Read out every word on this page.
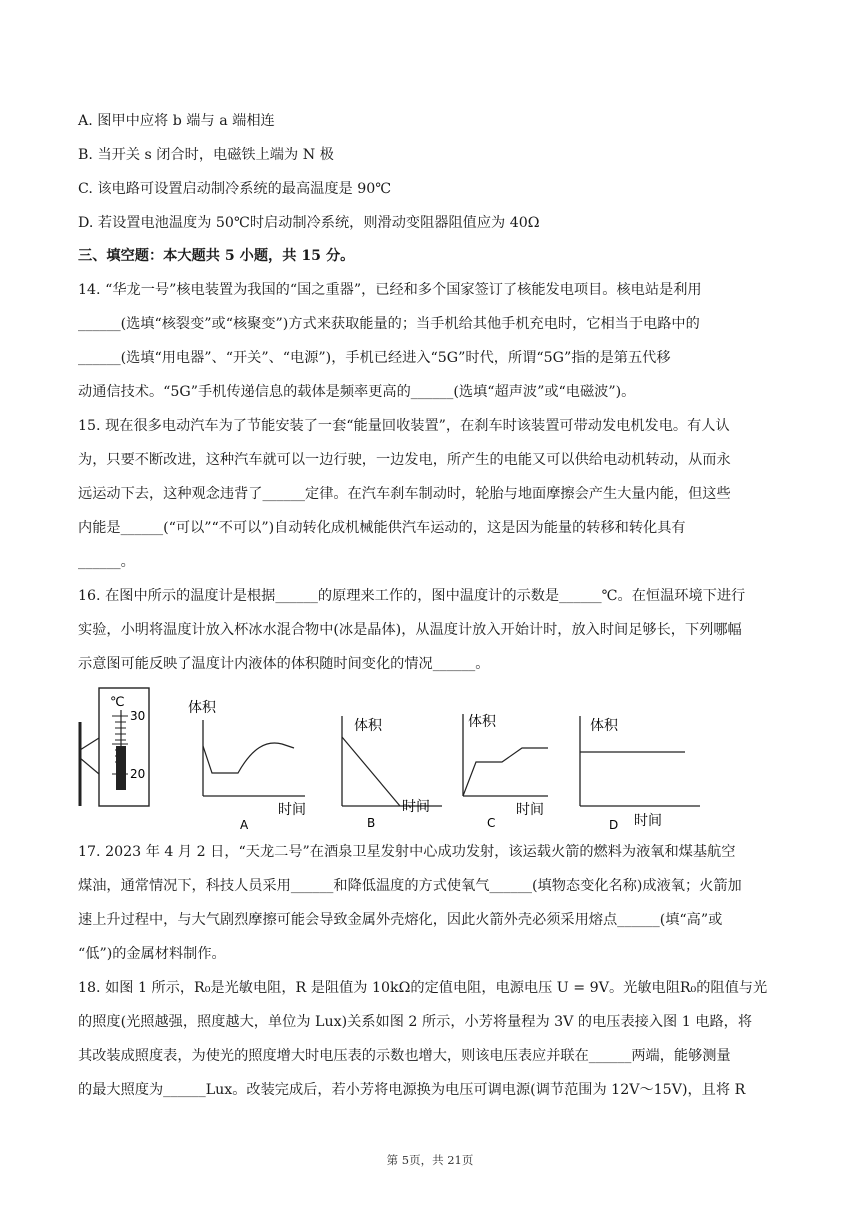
A. 图甲中应将 b 端与 a 端相连
B. 当开关 s 闭合时，电磁铁上端为 N 极
C. 该电路可设置启动制冷系统的最高温度是 90℃
D. 若设置电池温度为 50℃时启动制冷系统，则滑动变阻器阻值应为 40Ω
三、填空题：本大题共 5 小题，共 15 分。
14. “华龙一号”核电装置为我国的“国之重器”，已经和多个国家签订了核能发电项目。核电站是利用
______(选填“核裂变”或“核聚变”)方式来获取能量的；当手机给其他手机充电时，它相当于电路中的
______(选填“用电器”、“开关”、“电源”)，手机已经进入“5G”时代，所谓“5G”指的是第五代移
动通信技术。“5G”手机传递信息的载体是频率更高的______(选填“超声波”或“电磁波”)。
15. 现在很多电动汽车为了节能安装了一套“能量回收装置”，在刹车时该装置可带动发电机发电。有人认
为，只要不断改进，这种汽车就可以一边行驶，一边发电，所产生的电能又可以供给电动机转动，从而永
远运动下去，这种观念违背了______定律。在汽车刹车制动时，轮胎与地面摩擦会产生大量内能，但这些
内能是______(“可以”“不可以”)自动转化成机械能供汽车运动的，这是因为能量的转移和转化具有
______。
16. 在图中所示的温度计是根据______的原理来工作的，图中温度计的示数是______℃。在恒温环境下进行
实验，小明将温度计放入杯冰水混合物中(冰是晶体)，从温度计放入开始计时，放入时间足够长，下列哪幅
示意图可能反映了温度计内液体的体积随时间变化的情况______。
℃
30
20
体积
时间
A
体积
时间
B
体积
时间
C
体积
时间
D
17. 2023 年 4 月 2 日，“天龙二号”在酒泉卫星发射中心成功发射，该运载火箭的燃料为液氧和煤基航空
煤油，通常情况下，科技人员采用______和降低温度的方式使氧气______(填物态变化名称)成液氧；火箭加
速上升过程中，与大气剧烈摩擦可能会导致金属外壳熔化，因此火箭外壳必须采用熔点______(填“高”或
“低”)的金属材料制作。
18. 如图 1 所示，R₀是光敏电阻，R 是阻值为 10kΩ的定值电阻，电源电压 U = 9V。光敏电阻R₀的阻值与光
的照度(光照越强，照度越大，单位为 Lux)关系如图 2 所示，小芳将量程为 3V 的电压表接入图 1 电路，将
其改装成照度表，为使光的照度增大时电压表的示数也增大，则该电压表应并联在______两端，能够测量
的最大照度为______Lux。改装完成后，若小芳将电源换为电压可调电源(调节范围为 12V～15V)，且将 R
第 5页，共 21页
